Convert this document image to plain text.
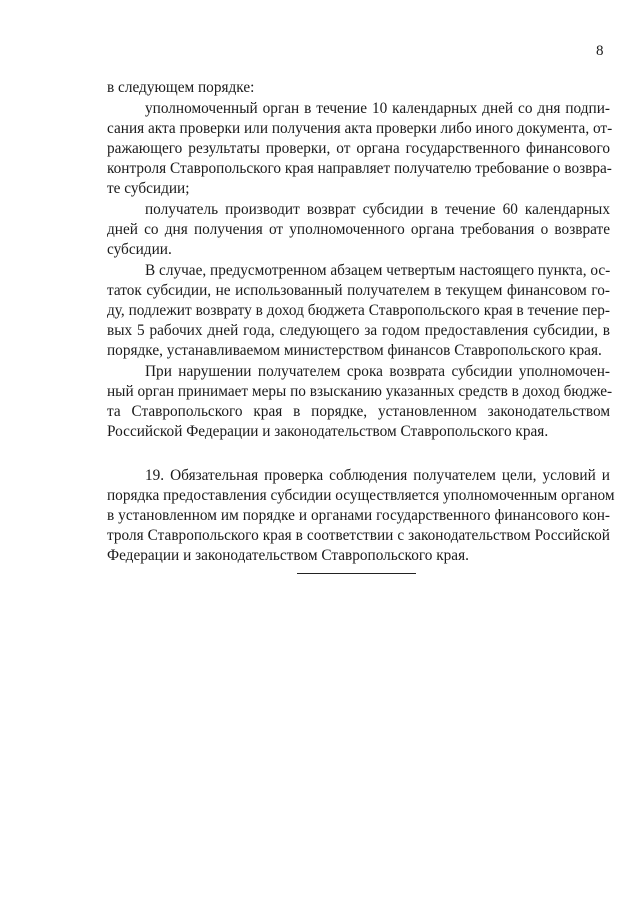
8
в следующем порядке:
уполномоченный орган в течение 10 календарных дней со дня подпи-
сания акта проверки или получения акта проверки либо иного документа, от-
ражающего результаты проверки, от органа государственного финансового
контроля Ставропольского края направляет получателю требование о возвра-
те субсидии;
получатель производит возврат субсидии в течение 60 календарных
дней со дня получения от уполномоченного органа требования о возврате
субсидии.
В случае, предусмотренном абзацем четвертым настоящего пункта, ос-
таток субсидии, не использованный получателем в текущем финансовом го-
ду, подлежит возврату в доход бюджета Ставропольского края в течение пер-
вых 5 рабочих дней года, следующего за годом предоставления субсидии, в
порядке, устанавливаемом министерством финансов Ставропольского края.
При нарушении получателем срока возврата субсидии уполномочен-
ный орган принимает меры по взысканию указанных средств в доход бюдже-
та Ставропольского края в порядке, установленном законодательством
Российской Федерации и законодательством Ставропольского края.
19. Обязательная проверка соблюдения получателем цели, условий и
порядка предоставления субсидии осуществляется уполномоченным органом
в установленном им порядке и органами государственного финансового кон-
троля Ставропольского края в соответствии с законодательством Российской
Федерации и законодательством Ставропольского края.
